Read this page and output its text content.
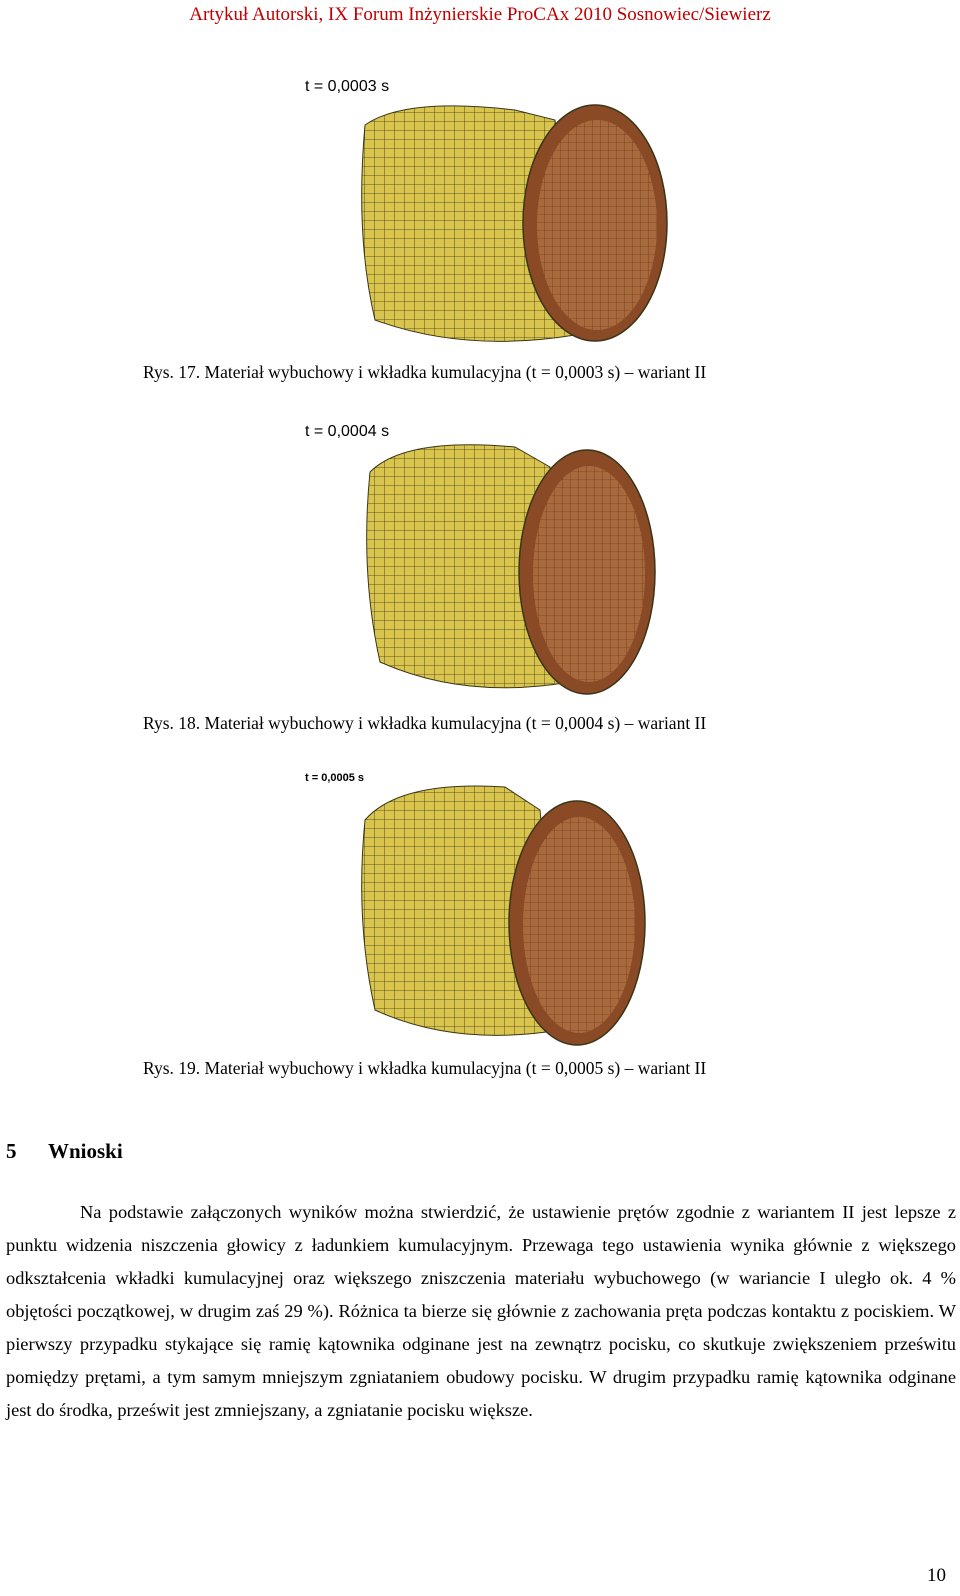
Artykuł Autorski, IX Forum Inżynierskie ProCAx 2010 Sosnowiec/Siewierz
t = 0,0003 s
Rys. 17. Materiał wybuchowy i wkładka kumulacyjna (t = 0,0003 s) – wariant II
t = 0,0004 s
Rys. 18. Materiał wybuchowy i wkładka kumulacyjna (t = 0,0004 s) – wariant II
t = 0,0005 s
Rys. 19. Materiał wybuchowy i wkładka kumulacyjna (t = 0,0005 s) – wariant II
5 Wnioski

Na podstawie załączonych wyników można stwierdzić, że ustawienie prętów zgodnie z wariantem II jest lepsze z punktu widzenia niszczenia głowicy z ładunkiem kumulacyjnym. Przewaga tego ustawienia wynika głównie z większego odkształcenia wkładki kumulacyjnej oraz większego zniszczenia materiału wybuchowego (w wariancie I uległo ok. 4 % objętości początkowej, w drugim zaś 29 %). Różnica ta bierze się głównie z zachowania pręta podczas kontaktu z pociskiem. W pierwszy przypadku stykające się ramię kątownika odginane jest na zewnątrz pocisku, co skutkuje zwiększeniem prześwitu pomiędzy prętami, a tym samym mniejszym zgniataniem obudowy pocisku. W drugim przypadku ramię kątownika odginane jest do środka, prześwit jest zmniejszany, a zgniatanie pocisku większe.

10
